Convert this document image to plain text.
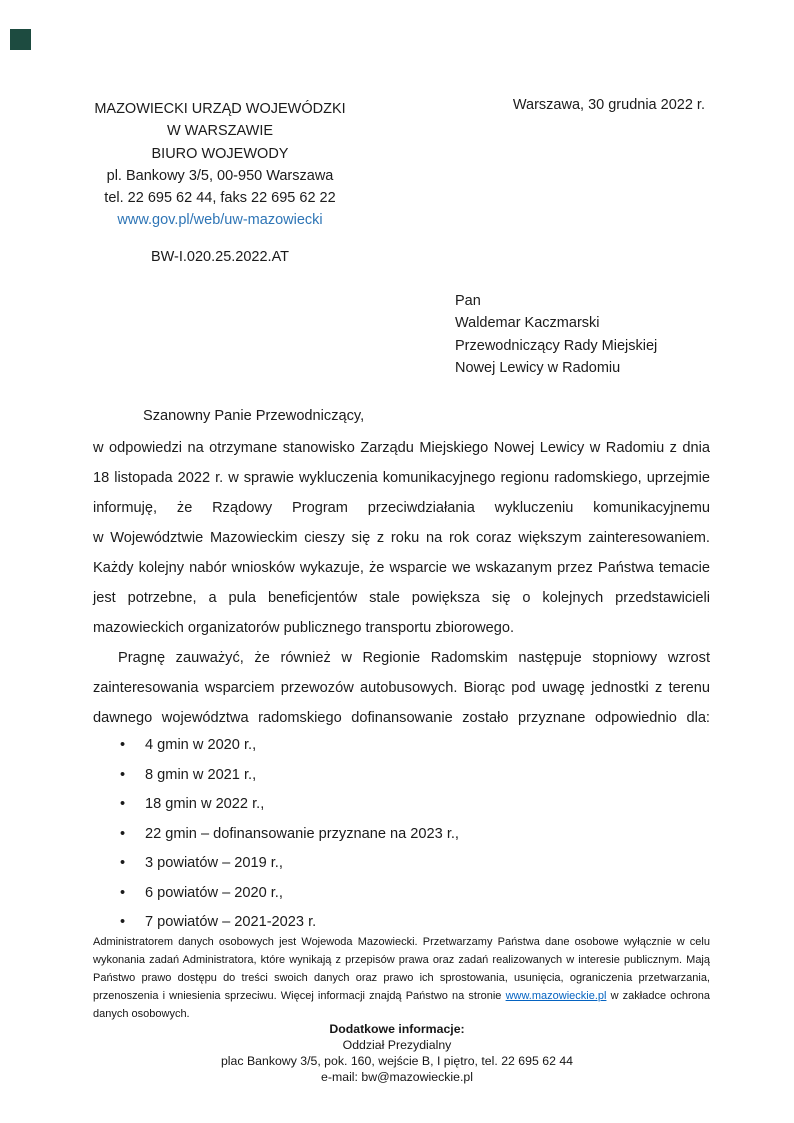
Warszawa, 30 grudnia 2022 r.
MAZOWIECKI URZĄD WOJEWÓDZKI
W WARSZAWIE
BIURO WOJEWODY
pl. Bankowy 3/5, 00-950 Warszawa
tel. 22 695 62 44, faks 22 695 62 22
www.gov.pl/web/uw-mazowiecki
BW-I.020.25.2022.AT
Pan
Waldemar Kaczmarski
Przewodniczący Rady Miejskiej
Nowej Lewicy w Radomiu
Szanowny Panie Przewodniczący,
w odpowiedzi na otrzymane stanowisko Zarządu Miejskiego Nowej Lewicy w Radomiu z dnia
18 listopada 2022 r. w sprawie wykluczenia komunikacyjnego regionu radomskiego, uprzejmie
informuję, że Rządowy Program przeciwdziałania wykluczeniu komunikacyjnemu
w Województwie Mazowieckim cieszy się z roku na rok coraz większym zainteresowaniem.
Każdy kolejny nabór wniosków wykazuje, że wsparcie we wskazanym przez Państwa temacie
jest potrzebne, a pula beneficjentów stale powiększa się o kolejnych przedstawicieli
mazowieckich organizatorów publicznego transportu zbiorowego.
Pragnę zauważyć, że również w Regionie Radomskim następuje stopniowy wzrost
zainteresowania wsparciem przewozów autobusowych. Biorąc pod uwagę jednostki z terenu
dawnego województwa radomskiego dofinansowanie zostało przyznane odpowiednio dla:
• 4 gmin w 2020 r.,
• 8 gmin w 2021 r.,
• 18 gmin w 2022 r.,
• 22 gmin – dofinansowanie przyznane na 2023 r.,
• 3 powiatów – 2019 r.,
• 6 powiatów – 2020 r.,
• 7 powiatów – 2021-2023 r.
Administratorem danych osobowych jest Wojewoda Mazowiecki. Przetwarzamy Państwa dane osobowe wyłącznie w celu
wykonania zadań Administratora, które wynikają z przepisów prawa oraz zadań realizowanych w interesie publicznym. Mają
Państwo prawo dostępu do treści swoich danych oraz prawo ich sprostowania, usunięcia, ograniczenia przetwarzania,
przenoszenia i wniesienia sprzeciwu. Więcej informacji znajdą Państwo na stronie www.mazowieckie.pl w zakładce ochrona
danych osobowych.
Dodatkowe informacje:
Oddział Prezydialny
plac Bankowy 3/5, pok. 160, wejście B, I piętro, tel. 22 695 62 44
e-mail: bw@mazowieckie.pl
